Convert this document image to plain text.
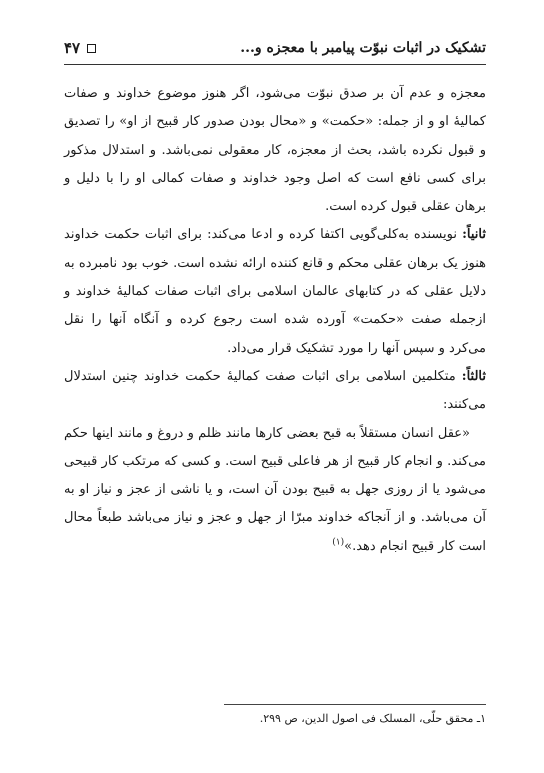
تشکیک در اثبات نبوّت پیامبر با معجزه و...
۴۷

معجزه و عدم آن بر صدق نبوّت می‌شود، اگر هنوز موضوع خداوند و صفات کمالیهٔ او و از جمله: «حکمت» و «محال بودن صدور کار قبیح از او» را تصدیق و قبول نکرده باشد، بحث از معجزه، کار معقولی نمی‌باشد. و استدلال مذکور برای کسی نافع است که اصل وجود خداوند و صفات کمالی او را با دلیل و برهان عقلی قبول کرده است.

ثانیاً: نویسنده به‌کلی‌گویی اکتفا کرده و ادعا می‌کند: برای اثبات حکمت خداوند هنوز یک برهان عقلی محکم و قانع کننده ارائه نشده است. خوب بود نامبرده به دلایل عقلی که در کتابهای عالمان اسلامی برای اثبات صفات کمالیهٔ خداوند و ازجمله صفت «حکمت» آورده شده است رجوع کرده و آنگاه آنها را نقل می‌کرد و سپس آنها را مورد تشکیک قرار می‌داد.

ثالثاً: متکلمین اسلامی برای اثبات صفت کمالیهٔ حکمت خداوند چنین استدلال می‌کنند:

«عقل انسان مستقلاً به قبح بعضی کارها مانند ظلم و دروغ و مانند اینها حکم می‌کند. و انجام کار قبیح از هر فاعلی قبیح است. و کسی که مرتکب کار قبیحی می‌شود یا از روزی جهل به قبیح بودن آن است، و یا ناشی از عجز و نیاز او به آن می‌باشد. و از آنجاکه خداوند مبرّا از جهل و عجز و نیاز می‌باشد طبعاً محال است کار قبیح انجام دهد.»$^{(۱)}$

۱ـ محقق حلّی، المسلک فی اصول الدین، ص ۲۹۹.
